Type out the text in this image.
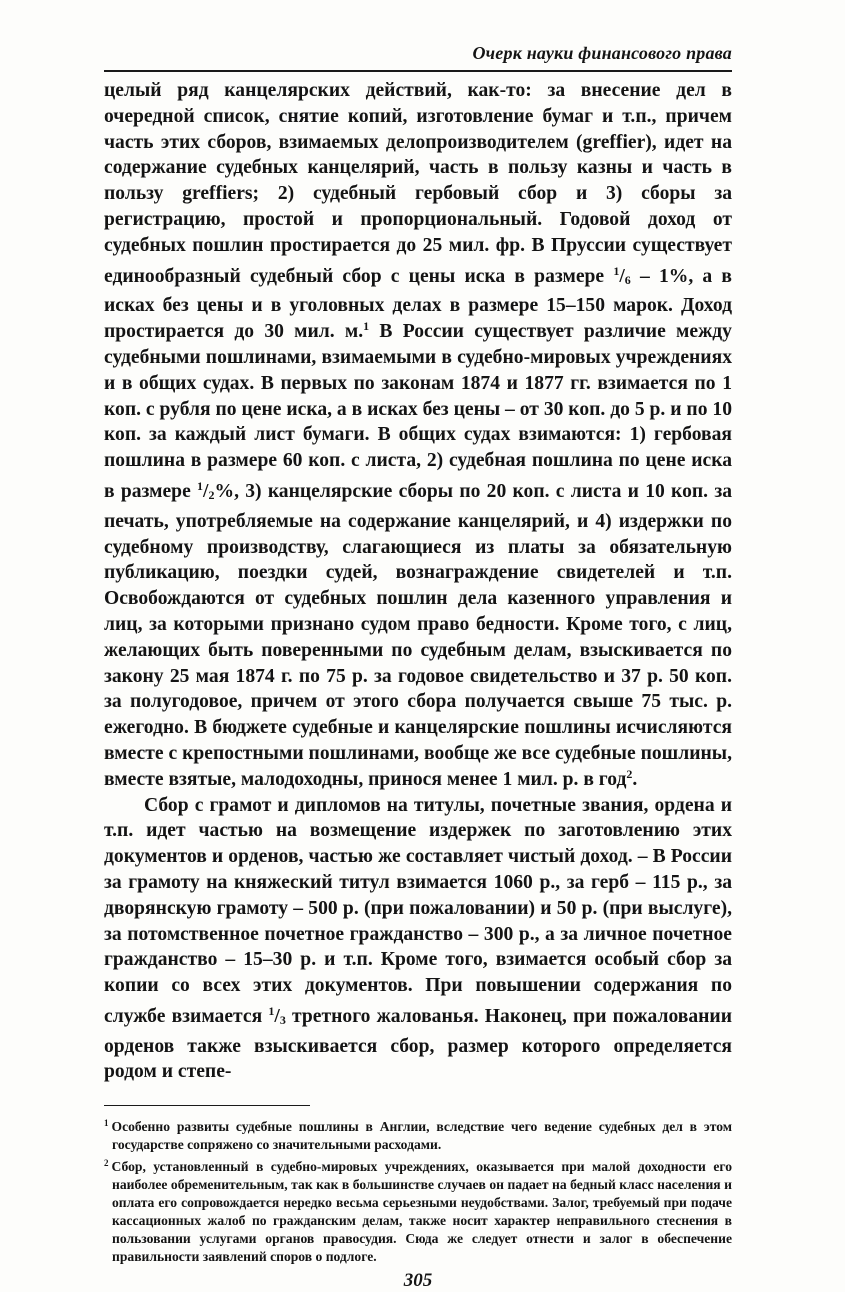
Очерк науки финансового права

целый ряд канцелярских действий, как-то: за внесение дел в очередной список, снятие копий, изготовление бумаг и т.п., причем часть этих сборов, взимаемых делопроизводителем (greffier), идет на содержание судебных канцелярий, часть в пользу казны и часть в пользу greffiers; 2) судебный гербовый сбор и 3) сборы за регистрацию, простой и пропорциональный. Годовой доход от судебных пошлин простирается до 25 мил. фр. В Пруссии существует единообразный судебный сбор с цены иска в размере $^1$/6 – 1%, а в исках без цены и в уголовных делах в размере 15–150 марок. Доход простирается до 30 мил. м.$^1$ В России существует различие между судебными пошлинами, взимаемыми в судебно-мировых учреждениях и в общих судах. В первых по законам 1874 и 1877 гг. взимается по 1 коп. с рубля по цене иска, а в исках без цены – от 30 коп. до 5 р. и по 10 коп. за каждый лист бумаги. В общих судах взимаются: 1) гербовая пошлина в размере 60 коп. с листа, 2) судебная пошлина по цене иска в размере $^1$/2%, 3) канцелярские сборы по 20 коп. с листа и 10 коп. за печать, употребляемые на содержание канцелярий, и 4) издержки по судебному производству, слагающиеся из платы за обязательную публикацию, поездки судей, вознаграждение свидетелей и т.п. Освобождаются от судебных пошлин дела казенного управления и лиц, за которыми признано судом право бедности. Кроме того, с лиц, желающих быть поверенными по судебным делам, взыскивается по закону 25 мая 1874 г. по 75 р. за годовое свидетельство и 37 р. 50 коп. за полугодовое, причем от этого сбора получается свыше 75 тыс. р. ежегодно. В бюджете судебные и канцелярские пошлины исчисляются вместе с крепостными пошлинами, вообще же все судебные пошлины, вместе взятые, малодоходны, принося менее 1 мил. р. в год$^2$.

Сбор с грамот и дипломов на титулы, почетные звания, ордена и т.п. идет частью на возмещение издержек по заготовлению этих документов и орденов, частью же составляет чистый доход. – В России за грамоту на княжеский титул взимается 1060 р., за герб – 115 р., за дворянскую грамоту – 500 р. (при пожаловании) и 50 р. (при выслуге), за потомственное почетное гражданство – 300 р., а за личное почетное гражданство – 15–30 р. и т.п. Кроме того, взимается особый сбор за копии со всех этих документов. При повышении содержания по службе взимается $^1$/3 третного жалованья. Наконец, при пожаловании орденов также взыскивается сбор, размер которого определяется родом и степе-

$^1$ Особенно развиты судебные пошлины в Англии, вследствие чего ведение судебных дел в этом государстве сопряжено со значительными расходами.

$^2$ Сбор, установленный в судебно-мировых учреждениях, оказывается при малой доходности его наиболее обременительным, так как в большинстве случаев он падает на бедный класс населения и оплата его сопровождается нередко весьма серьезными неудобствами. Залог, требуемый при подаче кассационных жалоб по гражданским делам, также носит характер неправильного стеснения в пользовании услугами органов правосудия. Сюда же следует отнести и залог в обеспечение правильности заявлений споров о подлоге.

305
